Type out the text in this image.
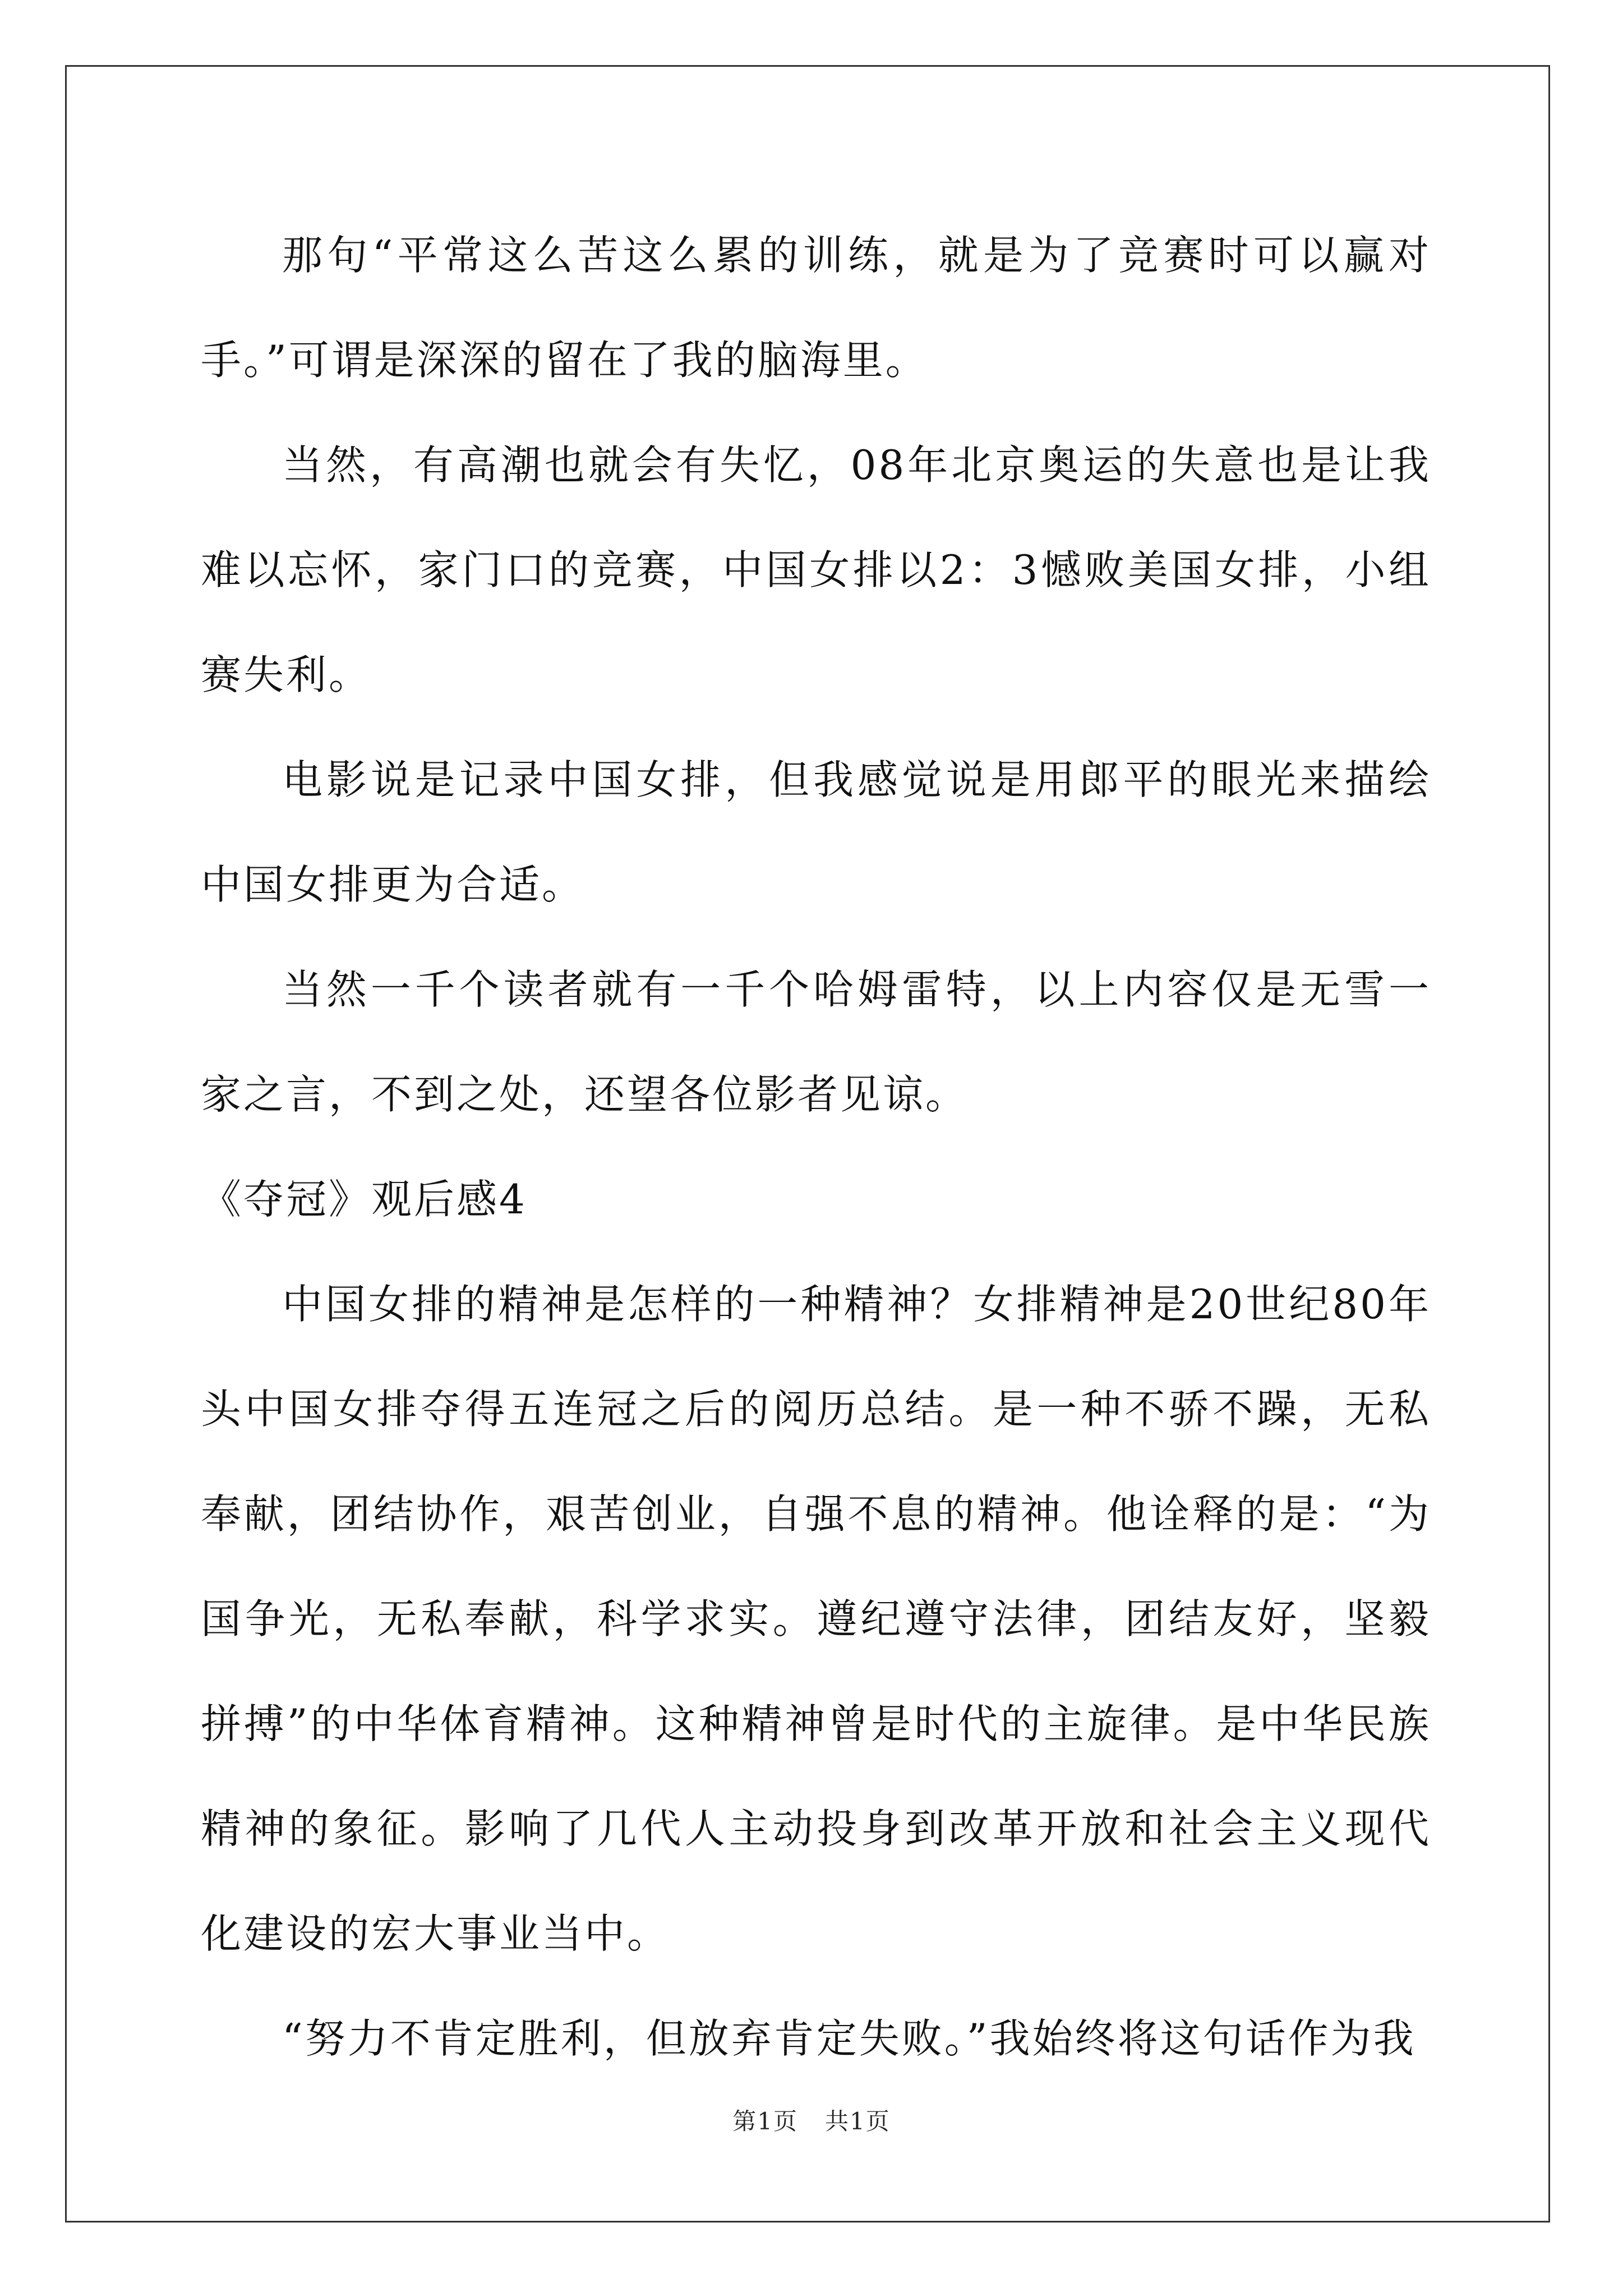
那句“平常这么苦这么累的训练，就是为了竞赛时可以赢对手。”可谓是深深的留在了我的脑海里。

当然，有高潮也就会有失忆，08年北京奥运的失意也是让我难以忘怀，家门口的竞赛，中国女排以2：3憾败美国女排，小组赛失利。

电影说是记录中国女排，但我感觉说是用郎平的眼光来描绘中国女排更为合适。

当然一千个读者就有一千个哈姆雷特，以上内容仅是无雪一家之言，不到之处，还望各位影者见谅。

《夺冠》观后感4

中国女排的精神是怎样的一种精神？女排精神是20世纪80年头中国女排夺得五连冠之后的阅历总结。是一种不骄不躁，无私奉献，团结协作，艰苦创业，自强不息的精神。他诠释的是：“为国争光，无私奉献，科学求实。遵纪遵守法律，团结友好，坚毅拼搏”的中华体育精神。这种精神曾是时代的主旋律。是中华民族精神的象征。影响了几代人主动投身到改革开放和社会主义现代化建设的宏大事业当中。

“努力不肯定胜利，但放弃肯定失败。”我始终将这句话作为我

第1页 共1页
